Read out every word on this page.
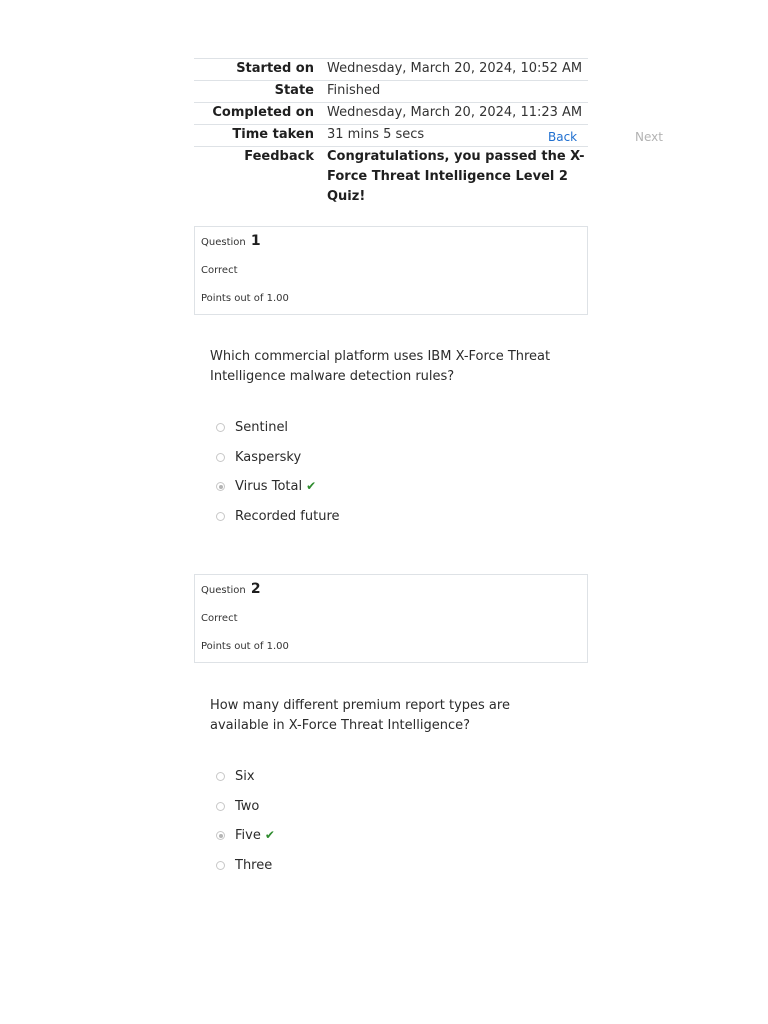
Started on	Wednesday, March 20, 2024, 10:52 AM
State	Finished
Completed on	Wednesday, March 20, 2024, 11:23 AM
Time taken	31 mins 5 secs
Feedback	Congratulations, you passed the X-Force Threat Intelligence Level 2 Quiz!
Back	Next
Question 1
Correct
Points out of 1.00
Which commercial platform uses IBM X-Force Threat Intelligence malware detection rules?
Sentinel
Kaspersky
Virus Total ✔
Recorded future
Question 2
Correct
Points out of 1.00
How many different premium report types are available in X-Force Threat Intelligence?
Six
Two
Five ✔
Three
